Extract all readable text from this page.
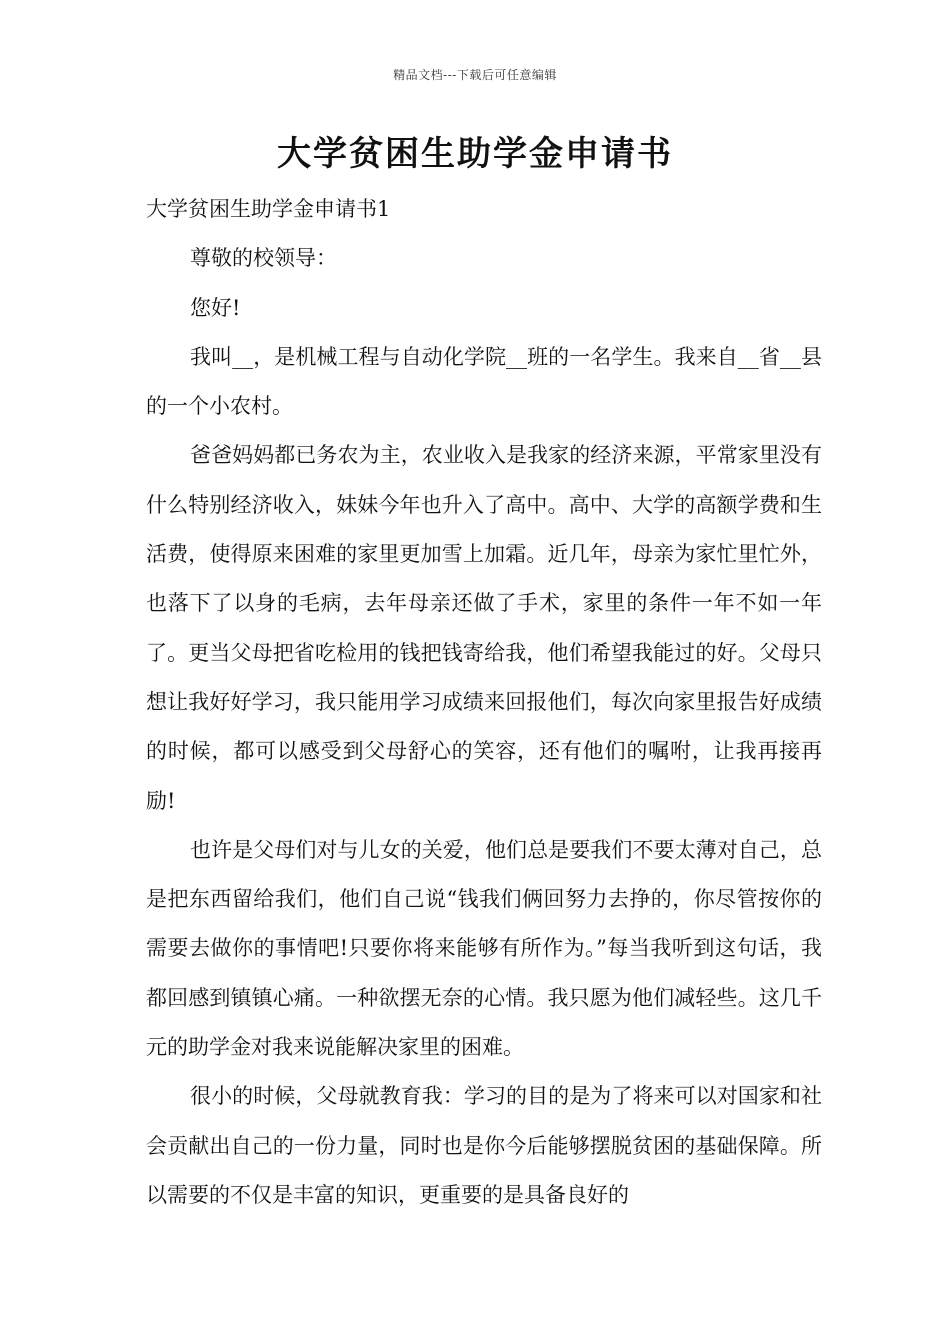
精品文档---下载后可任意编辑
大学贫困生助学金申请书

大学贫困生助学金申请书1

尊敬的校领导：

您好!

我叫__，是机械工程与自动化学院__班的一名学生。我来自__省__县的一个小农村。

爸爸妈妈都已务农为主，农业收入是我家的经济来源，平常家里没有什么特别经济收入，妹妹今年也升入了高中。高中、大学的高额学费和生活费，使得原来困难的家里更加雪上加霜。近几年，母亲为家忙里忙外，也落下了以身的毛病，去年母亲还做了手术，家里的条件一年不如一年了。更当父母把省吃检用的钱把钱寄给我，他们希望我能过的好。父母只想让我好好学习，我只能用学习成绩来回报他们，每次向家里报告好成绩的时候，都可以感受到父母舒心的笑容，还有他们的嘱咐，让我再接再励!

也许是父母们对与儿女的关爱，他们总是要我们不要太薄对自己，总是把东西留给我们，他们自己说“钱我们俩回努力去挣的，你尽管按你的需要去做你的事情吧!只要你将来能够有所作为。”每当我听到这句话，我都回感到镇镇心痛。一种欲摆无奈的心情。我只愿为他们减轻些。这几千元的助学金对我来说能解决家里的困难。

很小的时候，父母就教育我：学习的目的是为了将来可以对国家和社会贡献出自己的一份力量，同时也是你今后能够摆脱贫困的基础保障。所以需要的不仅是丰富的知识，更重要的是具备良好的
